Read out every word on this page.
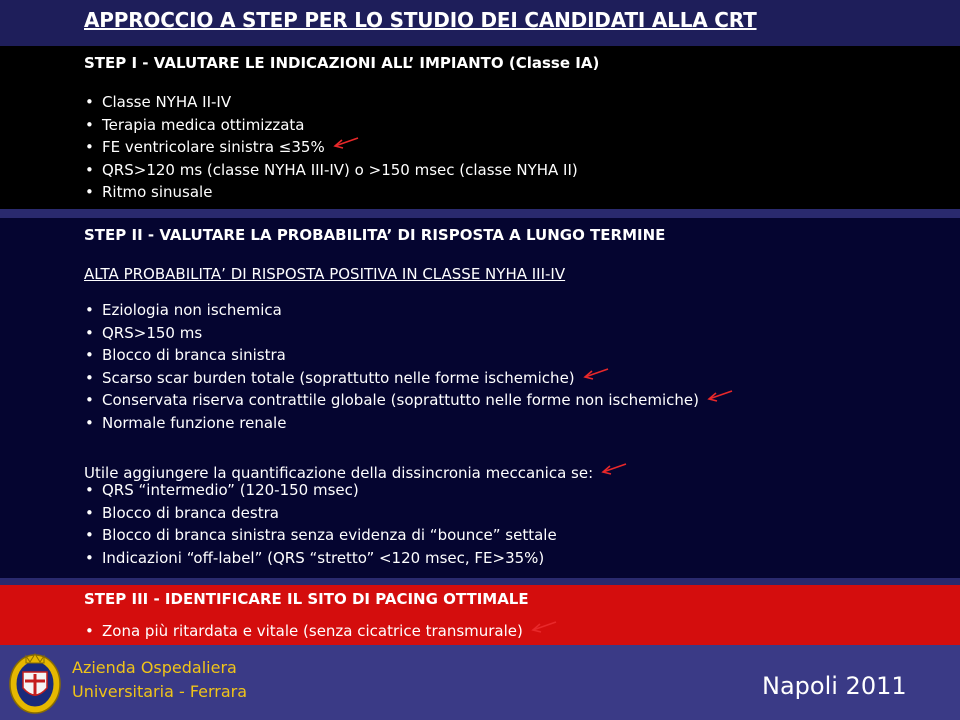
APPROCCIO A STEP PER LO STUDIO DEI CANDIDATI ALLA CRT
STEP I - VALUTARE LE INDICAZIONI ALL’ IMPIANTO (Classe IA)
• Classe NYHA II-IV
• Terapia medica ottimizzata
• FE ventricolare sinistra ≤35%
• QRS>120 ms (classe NYHA III-IV) o >150 msec (classe NYHA II)
• Ritmo sinusale
STEP II - VALUTARE LA PROBABILITA’ DI RISPOSTA A LUNGO TERMINE
ALTA PROBABILITA’ DI RISPOSTA POSITIVA IN CLASSE NYHA III-IV
• Eziologia non ischemica
• QRS>150 ms
• Blocco di branca sinistra
• Scarso scar burden totale (soprattutto nelle forme ischemiche)
• Conservata riserva contrattile globale (soprattutto nelle forme non ischemiche)
• Normale funzione renale
Utile aggiungere la quantificazione della dissincronia meccanica se:
• QRS “intermedio” (120-150 msec)
• Blocco di branca destra
• Blocco di branca sinistra senza evidenza di “bounce” settale
• Indicazioni “off-label” (QRS “stretto” <120 msec, FE>35%)
STEP III - IDENTIFICARE IL SITO DI PACING OTTIMALE
• Zona più ritardata e vitale (senza cicatrice transmurale)
Azienda Ospedaliera
Universitaria - Ferrara	Napoli 2011
